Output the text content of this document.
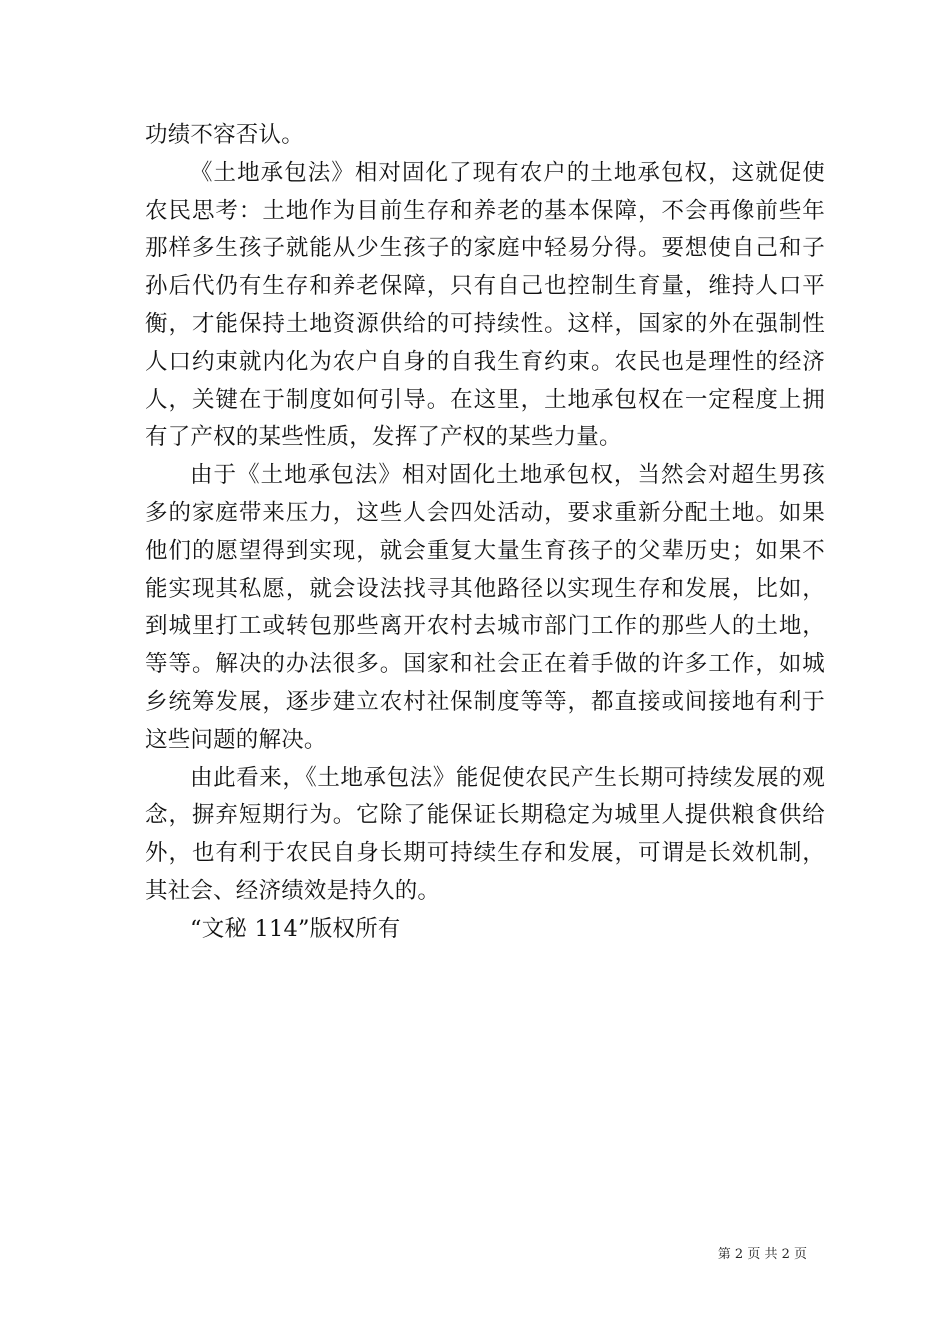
功绩不容否认。

《土地承包法》相对固化了现有农户的土地承包权，这就促使农民思考：土地作为目前生存和养老的基本保障，不会再像前些年那样多生孩子就能从少生孩子的家庭中轻易分得。要想使自己和子孙后代仍有生存和养老保障，只有自己也控制生育量，维持人口平衡，才能保持土地资源供给的可持续性。这样，国家的外在强制性人口约束就内化为农户自身的自我生育约束。农民也是理性的经济人，关键在于制度如何引导。在这里，土地承包权在一定程度上拥有了产权的某些性质，发挥了产权的某些力量。

由于《土地承包法》相对固化土地承包权，当然会对超生男孩多的家庭带来压力，这些人会四处活动，要求重新分配土地。如果他们的愿望得到实现，就会重复大量生育孩子的父辈历史；如果不能实现其私愿，就会设法找寻其他路径以实现生存和发展，比如，到城里打工或转包那些离开农村去城市部门工作的那些人的土地，等等。解决的办法很多。国家和社会正在着手做的许多工作，如城乡统筹发展，逐步建立农村社保制度等等，都直接或间接地有利于这些问题的解决。

由此看来，《土地承包法》能促使农民产生长期可持续发展的观念，摒弃短期行为。它除了能保证长期稳定为城里人提供粮食供给外，也有利于农民自身长期可持续生存和发展，可谓是长效机制，其社会、经济绩效是持久的。

“文秘 114”版权所有

第 2 页 共 2 页
